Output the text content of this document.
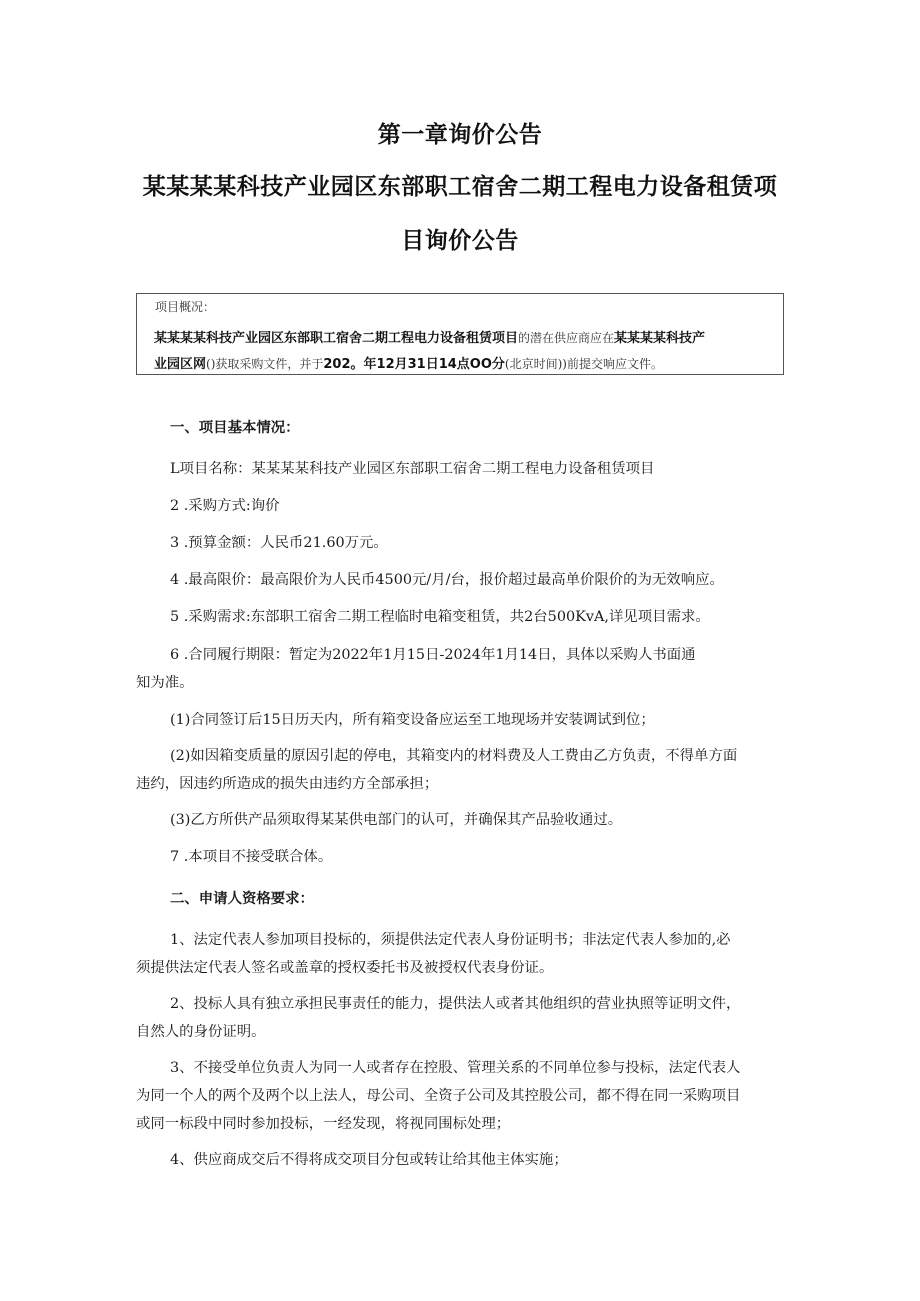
第一章询价公告
某某某某科技产业园区东部职工宿舍二期工程电力设备租赁项
目询价公告
项目概况：
某某某某科技产业园区东部职工宿舍二期工程电力设备租赁项目的潜在供应商应在某某某某科技产
业园区网()获取采购文件，并于202。年12月31日14点OO分(北京时间))前提交响应文件。
一、项目基本情况：
L项目名称：某某某某科技产业园区东部职工宿舍二期工程电力设备租赁项目
2 .采购方式:询价
3 .预算金额：人民币21.60万元。
4 .最高限价：最高限价为人民币4500元/月/台，报价超过最高单价限价的为无效响应。
5 .采购需求:东部职工宿舍二期工程临时电箱变租赁，共2台500KvA,详见项目需求。
6 .合同履行期限：暂定为2022年1月15日-2024年1月14日，具体以采购人书面通
知为准。
(1)合同签订后15日历天内，所有箱变设备应运至工地现场并安装调试到位；
(2)如因箱变质量的原因引起的停电，其箱变内的材料费及人工费由乙方负责，不得单方面
违约，因违约所造成的损失由违约方全部承担；
(3)乙方所供产品须取得某某供电部门的认可，并确保其产品验收通过。
7 .本项目不接受联合体。
二、申请人资格要求：
1、法定代表人参加项目投标的，须提供法定代表人身份证明书；非法定代表人参加的,必
须提供法定代表人签名或盖章的授权委托书及被授权代表身份证。
2、投标人具有独立承担民事责任的能力，提供法人或者其他组织的营业执照等证明文件，
自然人的身份证明。
3、不接受单位负责人为同一人或者存在控股、管理关系的不同单位参与投标，法定代表人
为同一个人的两个及两个以上法人，母公司、全资子公司及其控股公司，都不得在同一采购项目
或同一标段中同时参加投标，一经发现，将视同围标处理；
4、供应商成交后不得将成交项目分包或转让给其他主体实施；
